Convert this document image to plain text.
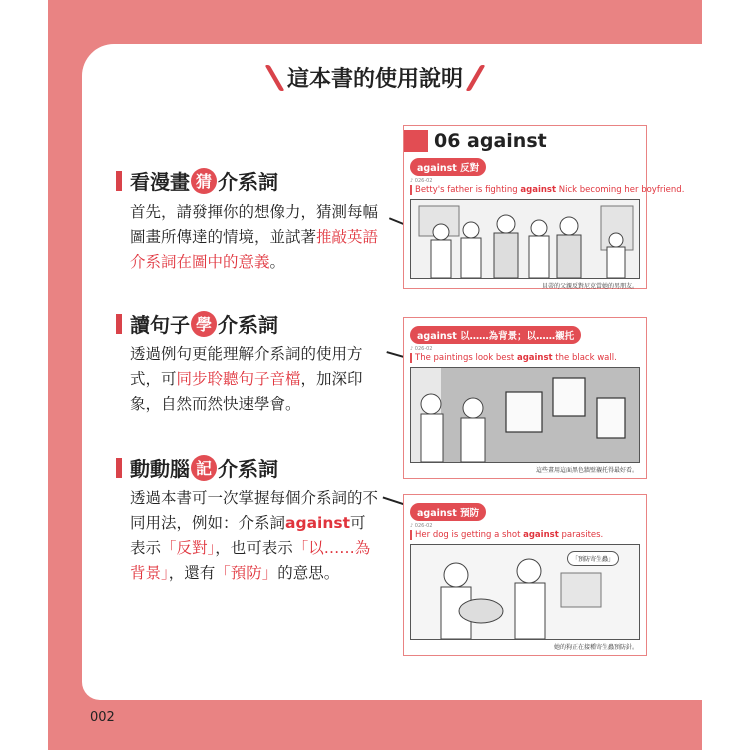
這本書的使用說明
看漫畫 猜 介系詞
首先，請發揮你的想像力，猜測每幅圖畫所傳達的情境，並試著推敲英語介系詞在圖中的意義。
讀句子 學 介系詞
透過例句更能理解介系詞的使用方式，可同步聆聽句子音檔，加深印象，自然而然快速學會。
動動腦 記 介系詞
透過本書可一次掌握每個介系詞的不同用法，例如：介系詞against可表示「反對」，也可表示「以……為背景」，還有「預防」的意思。
06 against
against 反對
♪ 026-02
Betty's father is fighting against Nick becoming her boyfriend.
貝蒂的父親反對尼克當她的男朋友。
against 以……為背景；以……襯托
♪ 026-02
The paintings look best against the black wall.
這些畫用這面黑色牆壁襯托得最好看。
against 預防
♪ 026-02
Her dog is getting a shot against parasites.
「預防寄生蟲」
她的狗正在接種寄生蟲預防針。
002
